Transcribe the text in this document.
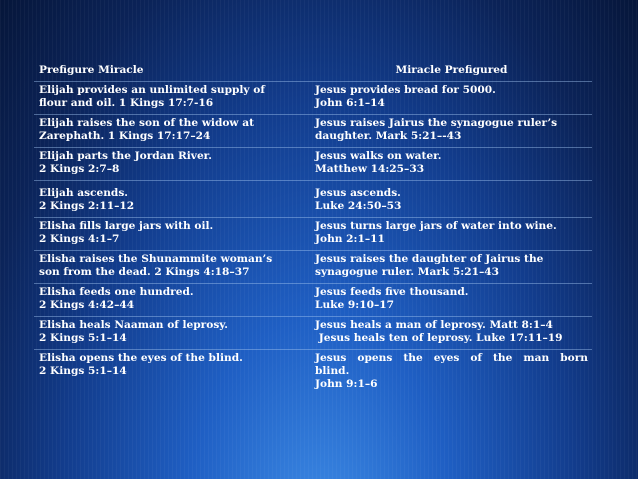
Prefigure Miracle	Miracle Prefigured

Elijah provides an unlimited supply of
flour and oil. 1 Kings 17:7-16	Jesus provides bread for 5000.
John 6:1–14

Elijah raises the son of the widow at
Zarephath. 1 Kings 17:17–24	Jesus raises Jairus the synagogue ruler’s
daughter. Mark 5:21–-43

Elijah parts the Jordan River.
2 Kings 2:7–8	Jesus walks on water.
Matthew 14:25–33

Elijah ascends.
2 Kings 2:11–12	Jesus ascends.
Luke 24:50–53

Elisha fills large jars with oil.
2 Kings 4:1–7	Jesus turns large jars of water into wine.
John 2:1–11

Elisha raises the Shunammite woman’s
son from the dead. 2 Kings 4:18–37	Jesus raises the daughter of Jairus the
synagogue ruler. Mark 5:21–43

Elisha feeds one hundred.
2 Kings 4:42–44	Jesus feeds five thousand.
Luke 9:10–17

Elisha heals Naaman of leprosy.
2 Kings 5:1–14	Jesus heals a man of leprosy. Matt 8:1–4
Jesus heals ten of leprosy. Luke 17:11–19

Elisha opens the eyes of the blind.
2 Kings 5:1–14	Jesus opens the eyes of the man born
blind.
John 9:1–6
